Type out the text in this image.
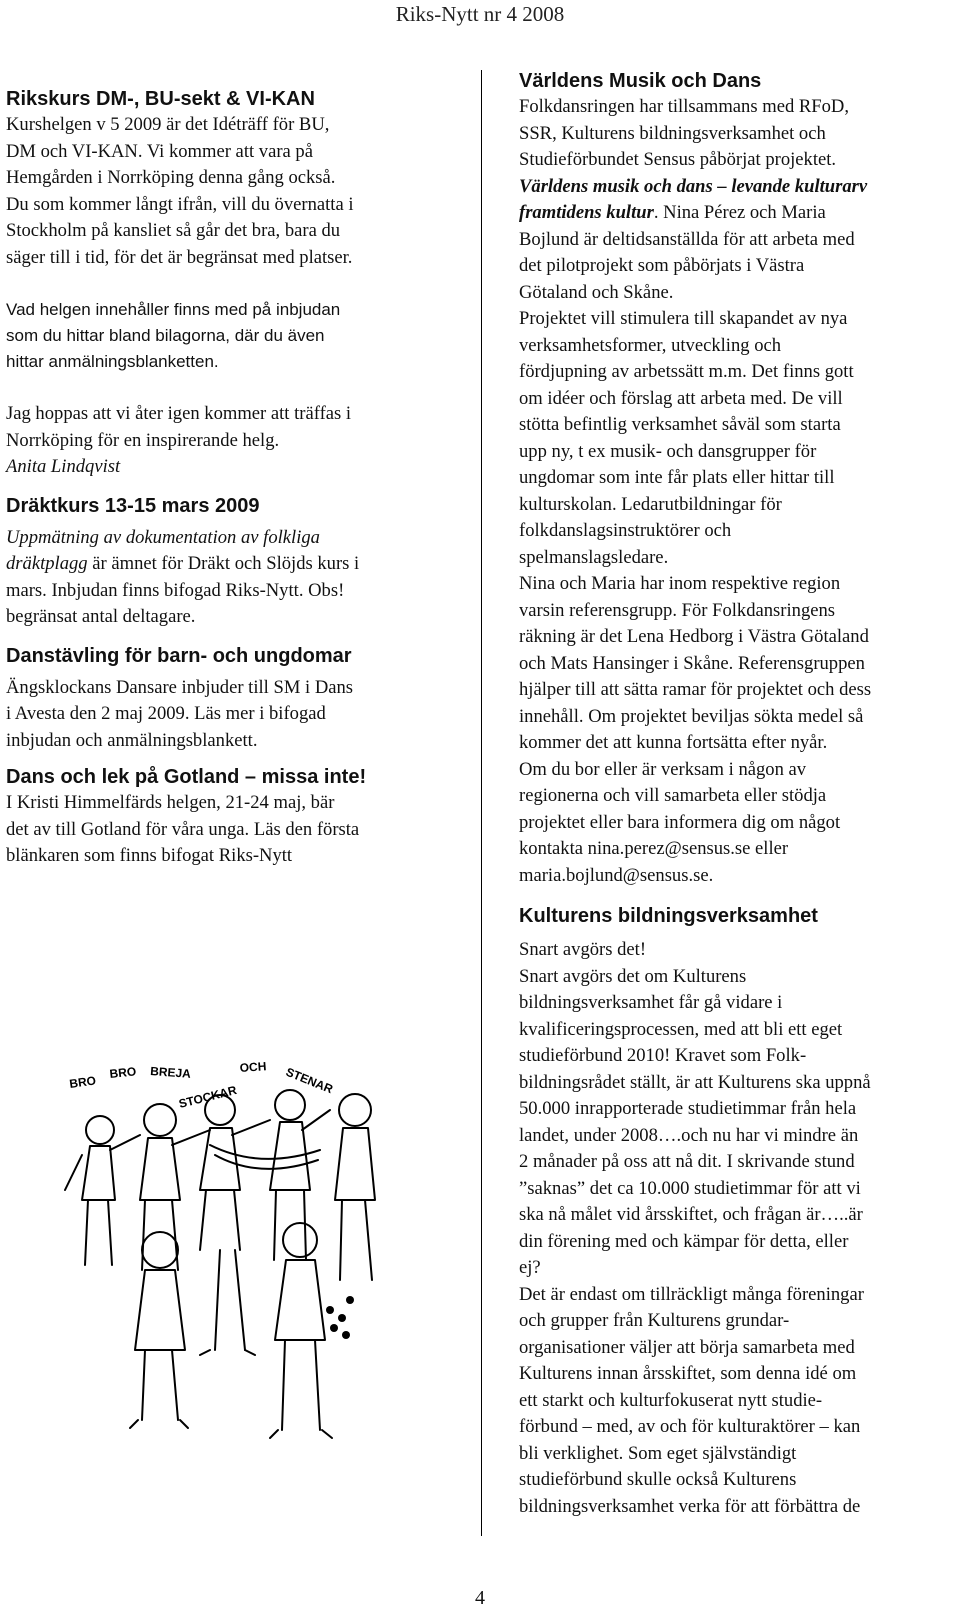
Riks-Nytt nr 4 2008
Rikskurs DM-, BU-sekt & VI-KAN

Kurshelgen v 5 2009 är det Idéträff för BU,

DM och VI-KAN. Vi kommer att vara på

Hemgården i Norrköping denna gång också.

Du som kommer långt ifrån, vill du övernatta i

Stockholm på kansliet så går det bra, bara du

säger till i tid, för det är begränsat med platser.

Vad helgen innehåller finns med på inbjudan

som du hittar bland bilagorna, där du även

hittar anmälningsblanketten.

Jag hoppas att vi åter igen kommer att träffas i

Norrköping för en inspirerande helg.

Anita Lindqvist

Dräktkurs 13-15 mars 2009

Uppmätning av dokumentation av folkliga

dräktplagg är ämnet för Dräkt och Slöjds kurs i

mars. Inbjudan finns bifogad Riks-Nytt. Obs!

begränsat antal deltagare.

Danstävling för barn- och ungdomar

Ängsklockans Dansare inbjuder till SM i Dans

i Avesta den 2 maj 2009. Läs mer i bifogad

inbjudan och anmälningsblankett.

Dans och lek på Gotland – missa inte!

I Kristi Himmelfärds helgen, 21-24 maj, bär

det av till Gotland för våra unga. Läs den första

blänkaren som finns bifogat Riks-Nytt

BRO
BRO BREJA
STOCKAR
OCH STENAR
Världens Musik och Dans

Folkdansringen har tillsammans med RFoD,

SSR, Kulturens bildningsverksamhet och

Studieförbundet Sensus påbörjat projektet.

Världens musik och dans – levande kulturarv

framtidens kultur. Nina Pérez och Maria

Bojlund är deltidsanställda för att arbeta med

det pilotprojekt som påbörjats i Västra

Götaland och Skåne.

Projektet vill stimulera till skapandet av nya

verksamhetsformer, utveckling och

fördjupning av arbetssätt m.m. Det finns gott

om idéer och förslag att arbeta med. De vill

stötta befintlig verksamhet såväl som starta

upp ny, t ex musik- och dansgrupper för

ungdomar som inte får plats eller hittar till

kulturskolan. Ledarutbildningar för

folkdanslagsinstruktörer och

spelmanslagsledare.

Nina och Maria har inom respektive region

varsin referensgrupp. För Folkdansringens

räkning är det Lena Hedborg i Västra Götaland

och Mats Hansinger i Skåne. Referensgruppen

hjälper till att sätta ramar för projektet och dess

innehåll. Om projektet beviljas sökta medel så

kommer det att kunna fortsätta efter nyår.

Om du bor eller är verksam i någon av

regionerna och vill samarbeta eller stödja

projektet eller bara informera dig om något

kontakta nina.perez@sensus.se eller

maria.bojlund@sensus.se.

Kulturens bildningsverksamhet

Snart avgörs det!

Snart avgörs det om Kulturens

bildningsverksamhet får gå vidare i

kvalificeringsprocessen, med att bli ett eget

studieförbund 2010! Kravet som Folk-

bildningsrådet ställt, är att Kulturens ska uppnå

50.000 inrapporterade studietimmar från hela

landet, under 2008….och nu har vi mindre än

2 månader på oss att nå dit. I skrivande stund

”saknas” det ca 10.000 studietimmar för att vi

ska nå målet vid årsskiftet, och frågan är…..är

din förening med och kämpar för detta, eller

ej?

Det är endast om tillräckligt många föreningar

och grupper från Kulturens grundar-

organisationer väljer att börja samarbeta med

Kulturens innan årsskiftet, som denna idé om

ett starkt och kulturfokuserat nytt studie-

förbund – med, av och för kulturaktörer – kan

bli verklighet. Som eget självständigt

studieförbund skulle också Kulturens

bildningsverksamhet verka för att förbättra de

4
